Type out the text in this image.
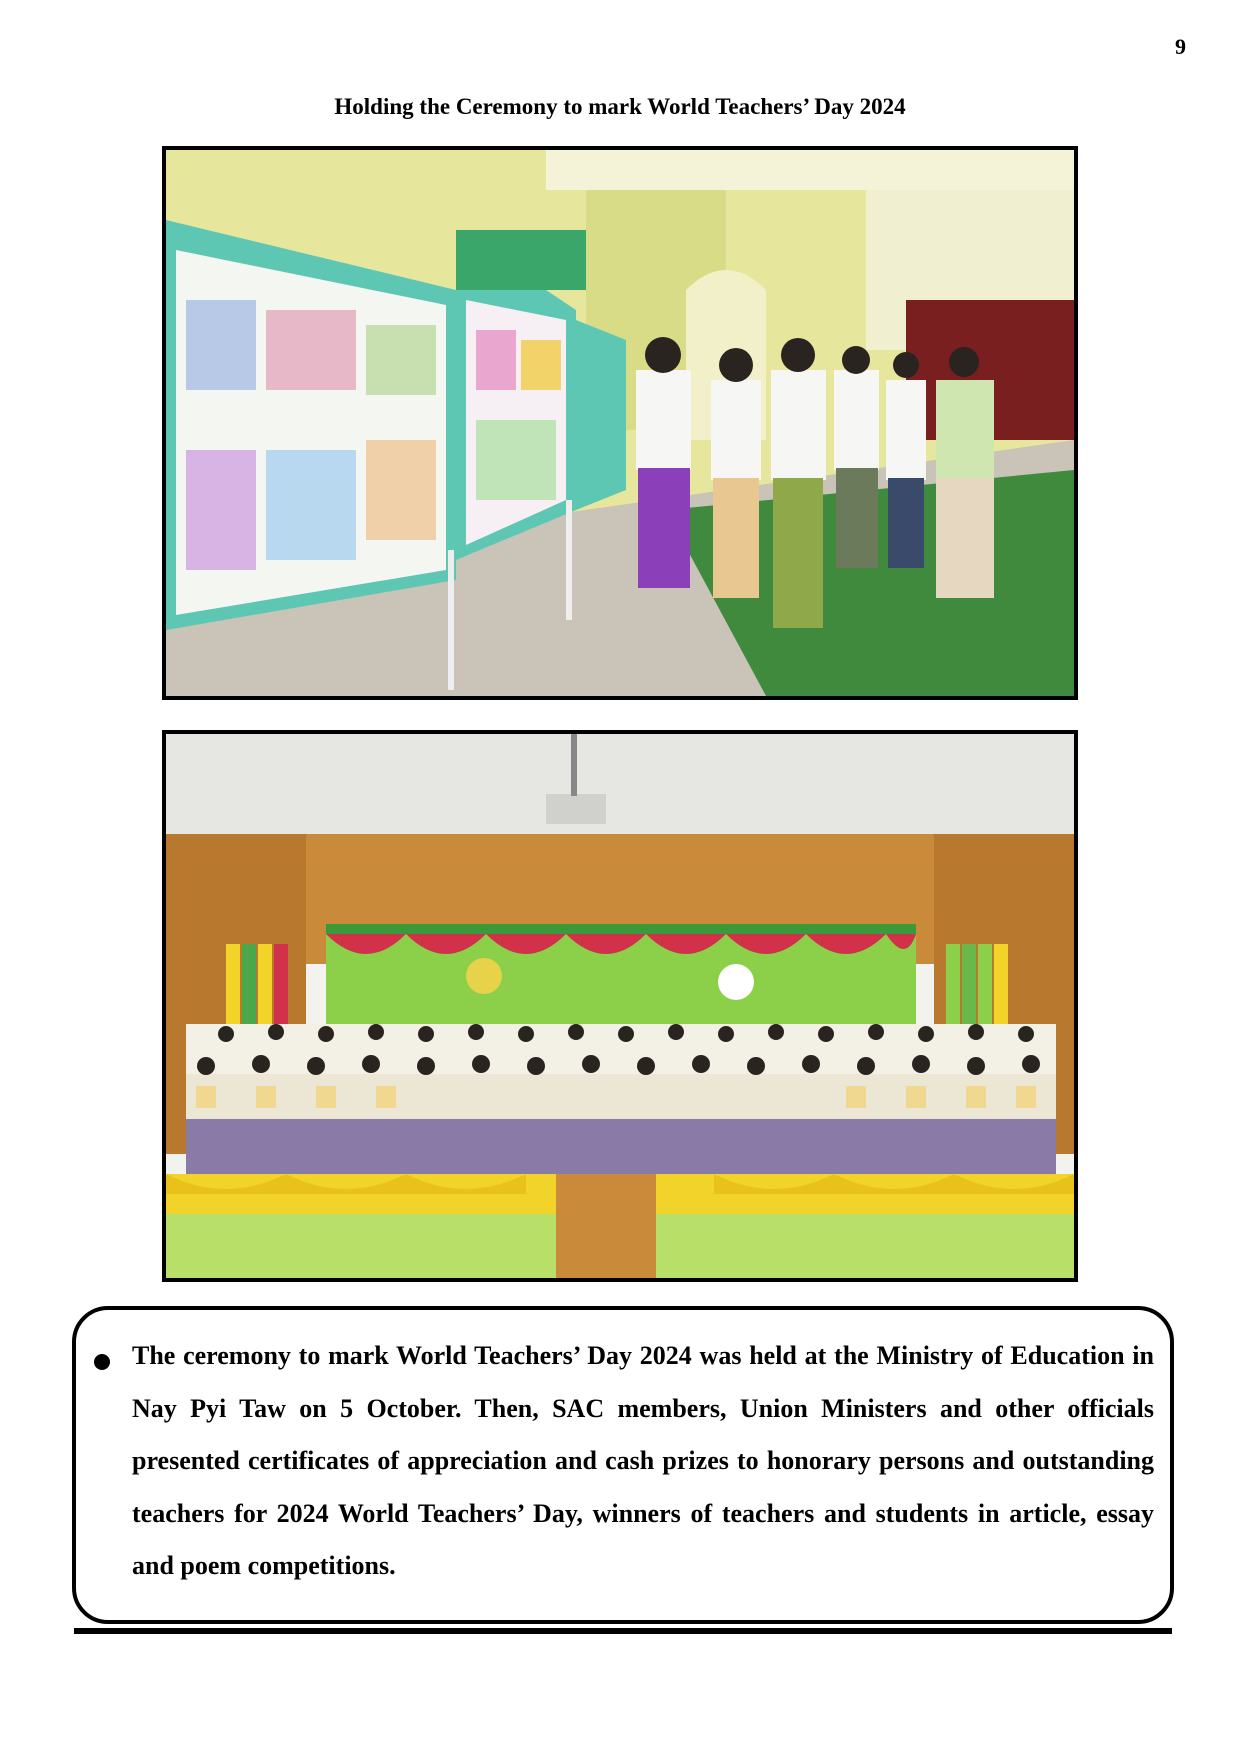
9
Holding the Ceremony to mark World Teachers’ Day 2024

The ceremony to mark World Teachers’ Day 2024 was held at the Ministry of Education in Nay Pyi Taw on 5 October. Then, SAC members, Union Ministers and other officials presented certificates of appreciation and cash prizes to honorary persons and outstanding teachers for 2024 World Teachers’ Day, winners of teachers and students in article, essay and poem competitions.
